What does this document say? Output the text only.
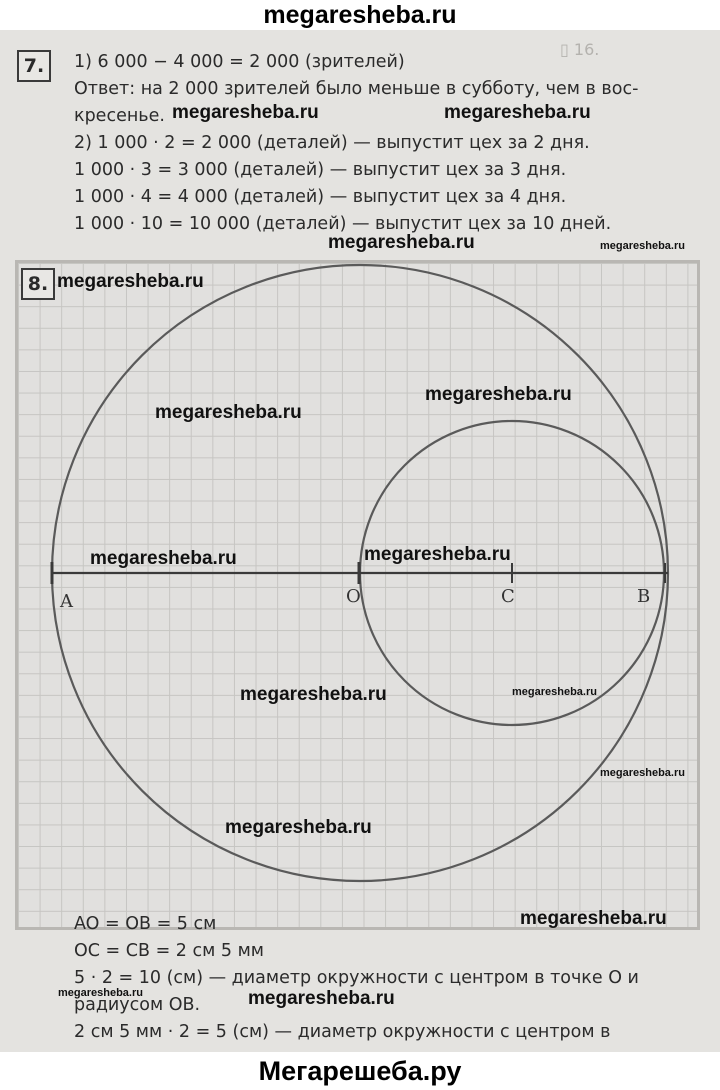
megaresheba.ru
▯ 16.
7.	1) 6 000 − 4 000 = 2 000 (зрителей)
Ответ: на 2 000 зрителей было меньше в субботу, чем в вос-
кресенье.
2) 1 000 · 2 = 2 000 (деталей) — выпустит цех за 2 дня.
1 000 · 3 = 3 000 (деталей) — выпустит цех за 3 дня.
1 000 · 4 = 4 000 (деталей) — выпустит цех за 4 дня.
1 000 · 10 = 10 000 (деталей) — выпустит цех за 10 дней.
megaresheba.ru	megaresheba.ru
megaresheba.ru	megaresheba.ru
8.
A	O	C	B
megaresheba.ru
megaresheba.ru
megaresheba.ru
megaresheba.ru	megaresheba.ru
megaresheba.ru	megaresheba.ru
megaresheba.ru
megaresheba.ru
AO = OB = 5 см
OC = CB = 2 см 5 мм
5 · 2 = 10 (см) — диаметр окружности с центром в точке O и
радиусом OB.
2 см 5 мм · 2 = 5 (см) — диаметр окружности с центром в
megaresheba.ru
megaresheba.ru	megaresheba.ru
Мегарешеба.ру
